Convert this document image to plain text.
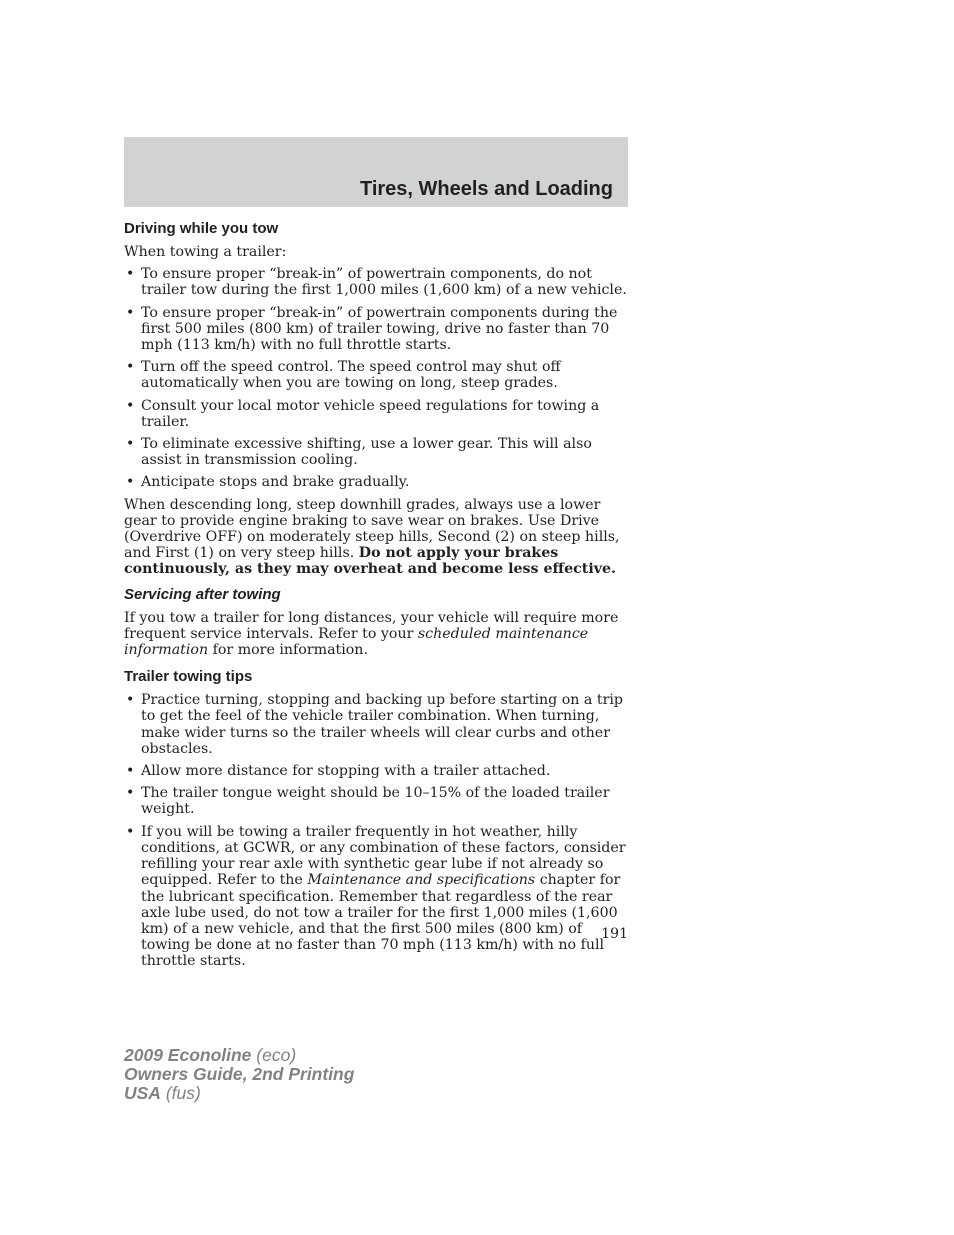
Tires, Wheels and Loading
Driving while you tow

When towing a trailer:

• To ensure proper “break-in” of powertrain components, do not trailer tow during the first 1,000 miles (1,600 km) of a new vehicle.
• To ensure proper “break-in” of powertrain components during the first 500 miles (800 km) of trailer towing, drive no faster than 70 mph (113 km/h) with no full throttle starts.
• Turn off the speed control. The speed control may shut off automatically when you are towing on long, steep grades.
• Consult your local motor vehicle speed regulations for towing a trailer.
• To eliminate excessive shifting, use a lower gear. This will also assist in transmission cooling.
• Anticipate stops and brake gradually.

When descending long, steep downhill grades, always use a lower gear to provide engine braking to save wear on brakes. Use Drive (Overdrive OFF) on moderately steep hills, Second (2) on steep hills, and First (1) on very steep hills. Do not apply your brakes continuously, as they may overheat and become less effective.

Servicing after towing

If you tow a trailer for long distances, your vehicle will require more frequent service intervals. Refer to your scheduled maintenance information for more information.

Trailer towing tips
• Practice turning, stopping and backing up before starting on a trip to get the feel of the vehicle trailer combination. When turning, make wider turns so the trailer wheels will clear curbs and other obstacles.
• Allow more distance for stopping with a trailer attached.
• The trailer tongue weight should be 10–15% of the loaded trailer weight.
• If you will be towing a trailer frequently in hot weather, hilly conditions, at GCWR, or any combination of these factors, consider refilling your rear axle with synthetic gear lube if not already so equipped. Refer to the Maintenance and specifications chapter for the lubricant specification. Remember that regardless of the rear axle lube used, do not tow a trailer for the first 1,000 miles (1,600 km) of a new vehicle, and that the first 500 miles (800 km) of towing be done at no faster than 70 mph (113 km/h) with no full throttle starts.
191
2009 Econoline (eco)
Owners Guide, 2nd Printing
USA (fus)
